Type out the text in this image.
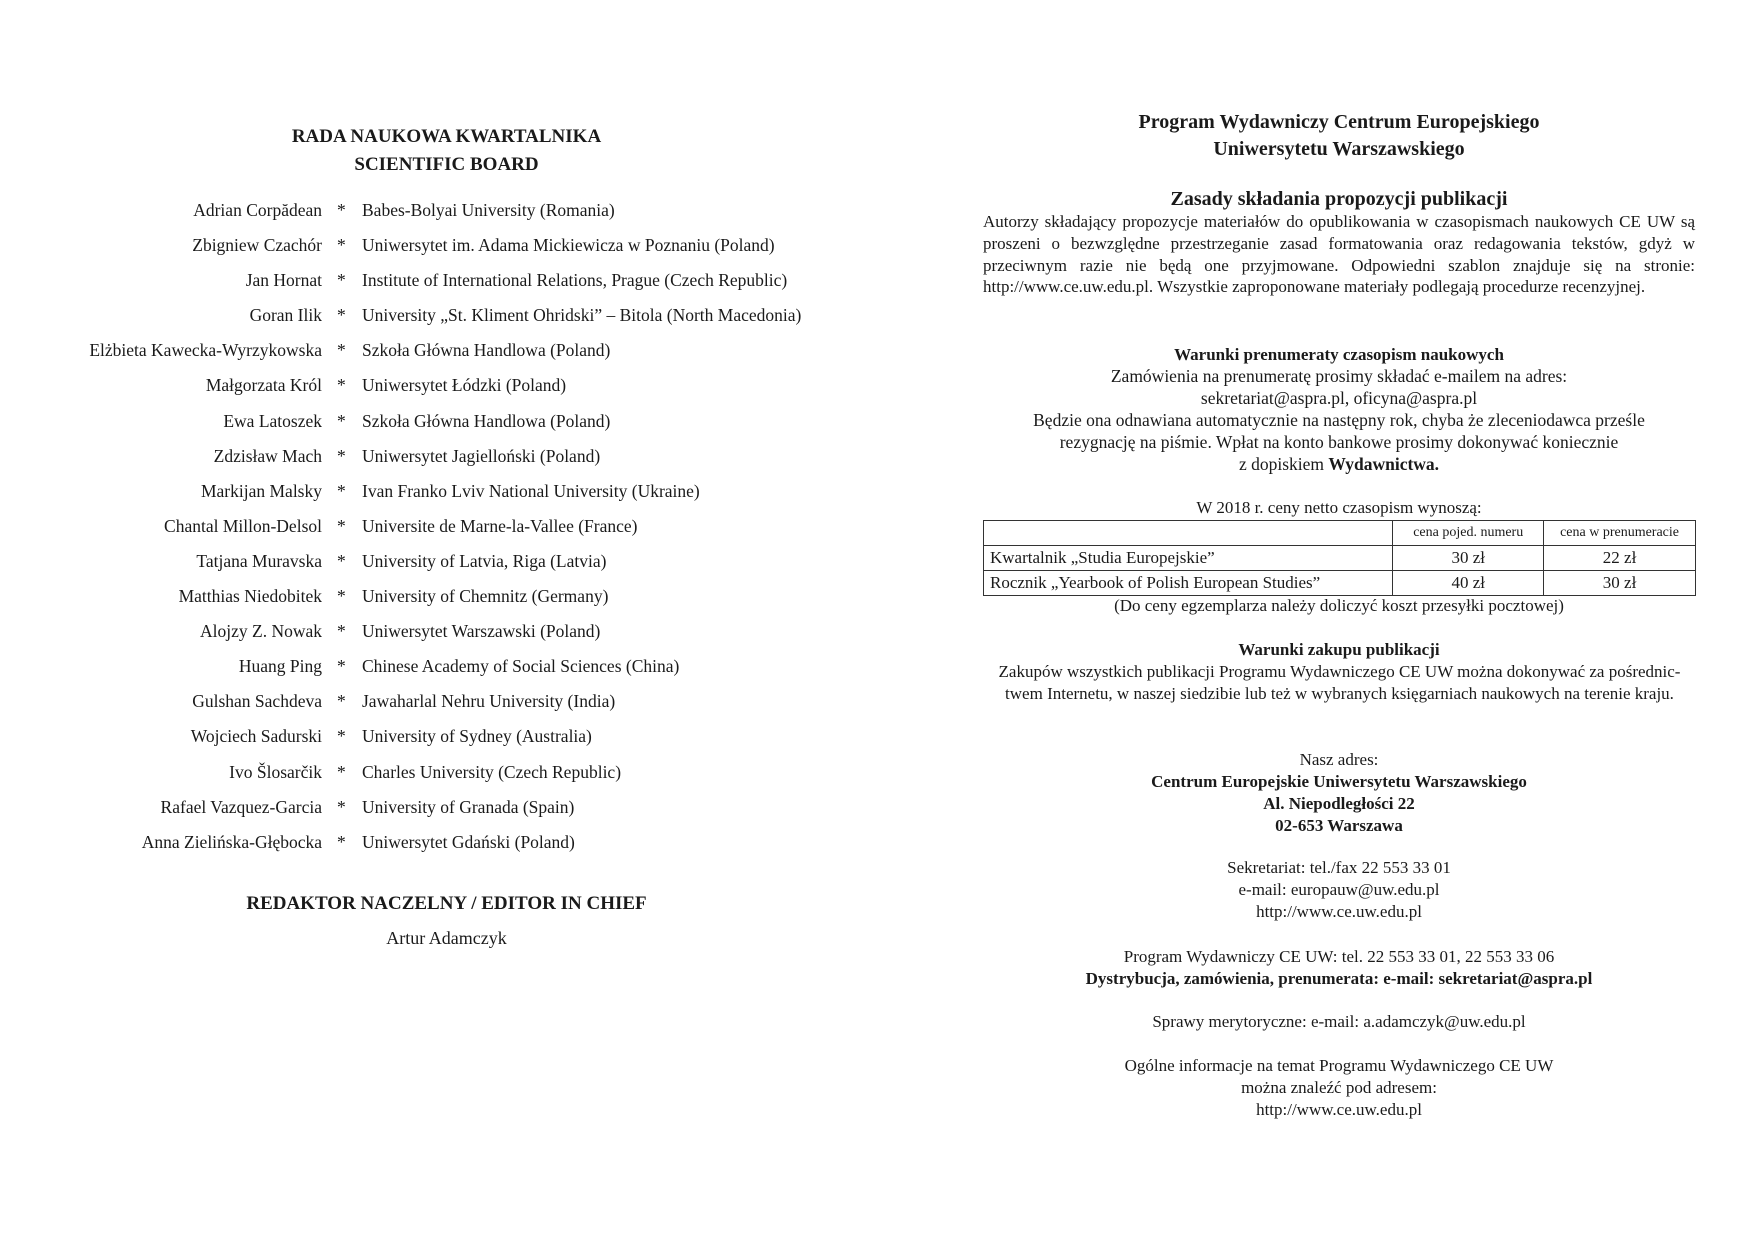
RADA NAUKOWA KWARTALNIKA
SCIENTIFIC BOARD
Adrian Corpădean * Babes-Bolyai University (Romania)
Zbigniew Czachór * Uniwersytet im. Adama Mickiewicza w Poznaniu (Poland)
Jan Hornat * Institute of International Relations, Prague (Czech Republic)
Goran Ilik * University „St. Kliment Ohridski” – Bitola (North Macedonia)
Elżbieta Kawecka-Wyrzykowska * Szkoła Główna Handlowa (Poland)
Małgorzata Król * Uniwersytet Łódzki (Poland)
Ewa Latoszek * Szkoła Główna Handlowa (Poland)
Zdzisław Mach * Uniwersytet Jagielloński (Poland)
Markijan Malsky * Ivan Franko Lviv National University (Ukraine)
Chantal Millon-Delsol * Universite de Marne-la-Vallee (France)
Tatjana Muravska * University of Latvia, Riga (Latvia)
Matthias Niedobitek * University of Chemnitz (Germany)
Alojzy Z. Nowak * Uniwersytet Warszawski (Poland)
Huang Ping * Chinese Academy of Social Sciences (China)
Gulshan Sachdeva * Jawaharlal Nehru University (India)
Wojciech Sadurski * University of Sydney (Australia)
Ivo Šlosarčik * Charles University (Czech Republic)
Rafael Vazquez-Garcia * University of Granada (Spain)
Anna Zielińska-Głębocka * Uniwersytet Gdański (Poland)
REDAKTOR NACZELNY / EDITOR IN CHIEF
Artur Adamczyk
Program Wydawniczy Centrum Europejskiego
Uniwersytetu Warszawskiego
Zasady składania propozycji publikacji

Autorzy składający propozycje materiałów do opublikowania w czasopismach naukowych CE UW są proszeni o bezwzględne przestrzeganie zasad formatowania oraz redagowania tekstów, gdyż w przeciwnym razie nie będą one przyjmowane. Odpowiedni szablon znajduje się na stronie: http://www.ce.uw.edu.pl. Wszystkie zaproponowane materiały podlegają procedurze recenzyjnej.

Warunki prenumeraty czasopism naukowych
Zamówienia na prenumeratę prosimy składać e-mailem na adres:
sekretariat@aspra.pl, oficyna@aspra.pl
Będzie ona odnawiana automatycznie na następny rok, chyba że zleceniodawca prześle
rezygnację na piśmie. Wpłat na konto bankowe prosimy dokonywać koniecznie
z dopiskiem Wydawnictwa.
W 2018 r. ceny netto czasopism wynoszą:
	cena pojed. numeru	cena w prenumeracie
Kwartalnik „Studia Europejskie”	30 zł	22 zł
Rocznik „Yearbook of Polish European Studies”	40 zł	30 zł
(Do ceny egzemplarza należy doliczyć koszt przesyłki pocztowej)
Warunki zakupu publikacji

Zakupów wszystkich publikacji Programu Wydawniczego CE UW można dokonywać za pośrednic-
twem Internetu, w naszej siedzibie lub też w wybranych księgarniach naukowych na terenie kraju.

Nasz adres:
Centrum Europejskie Uniwersytetu Warszawskiego
Al. Niepodległości 22
02-653 Warszawa
Sekretariat: tel./fax 22 553 33 01
e-mail: europauw@uw.edu.pl
http://www.ce.uw.edu.pl
Program Wydawniczy CE UW: tel. 22 553 33 01, 22 553 33 06
Dystrybucja, zamówienia, prenumerata: e-mail: sekretariat@aspra.pl
Sprawy merytoryczne: e-mail: a.adamczyk@uw.edu.pl
Ogólne informacje na temat Programu Wydawniczego CE UW
można znaleźć pod adresem:
http://www.ce.uw.edu.pl
